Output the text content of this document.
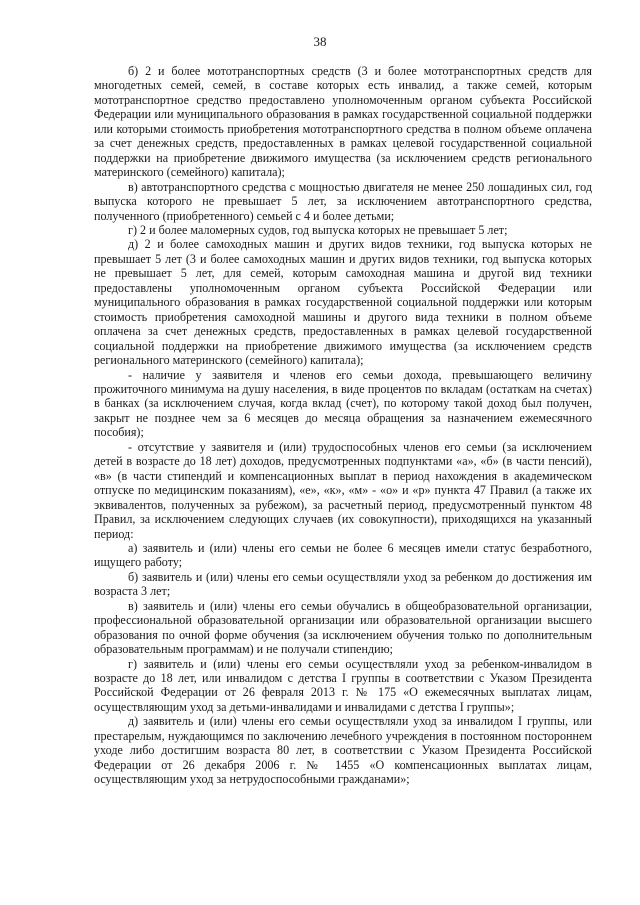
38

б) 2 и более мототранспортных средств (3 и более мототранспортных средств для многодетных семей, семей, в составе которых есть инвалид, а также семей, которым мототранспортное средство предоставлено уполномоченным органом субъекта Российской Федерации или муниципального образования в рамках государственной социальной поддержки или которыми стоимость приобретения мототранспортного средства в полном объеме оплачена за счет денежных средств, предоставленных в рамках целевой государственной социальной поддержки на приобретение движимого имущества (за исключением средств регионального материнского (семейного) капитала);

в) автотранспортного средства с мощностью двигателя не менее 250 лошадиных сил, год выпуска которого не превышает 5 лет, за исключением автотранспортного средства, полученного (приобретенного) семьей с 4 и более детьми;

г) 2 и более маломерных судов, год выпуска которых не превышает 5 лет;

д) 2 и более самоходных машин и других видов техники, год выпуска которых не превышает 5 лет (3 и более самоходных машин и других видов техники, год выпуска которых не превышает 5 лет, для семей, которым самоходная машина и другой вид техники предоставлены уполномоченным органом субъекта Российской Федерации или муниципального образования в рамках государственной социальной поддержки или которым стоимость приобретения самоходной машины и другого вида техники в полном объеме оплачена за счет денежных средств, предоставленных в рамках целевой государственной социальной поддержки на приобретение движимого имущества (за исключением средств регионального материнского (семейного) капитала);

- наличие у заявителя и членов его семьи дохода, превышающего величину прожиточного минимума на душу населения, в виде процентов по вкладам (остаткам на счетах) в банках (за исключением случая, когда вклад (счет), по которому такой доход был получен, закрыт не позднее чем за 6 месяцев до месяца обращения за назначением ежемесячного пособия);

- отсутствие у заявителя и (или) трудоспособных членов его семьи (за исключением детей в возрасте до 18 лет) доходов, предусмотренных подпунктами «а», «б» (в части пенсий), «в» (в части стипендий и компенсационных выплат в период нахождения в академическом отпуске по медицинским показаниям), «е», «к», «м» - «о» и «р» пункта 47 Правил (а также их эквивалентов, полученных за рубежом), за расчетный период, предусмотренный пунктом 48 Правил, за исключением следующих случаев (их совокупности), приходящихся на указанный период:

а) заявитель и (или) члены его семьи не более 6 месяцев имели статус безработного, ищущего работу;

б) заявитель и (или) члены его семьи осуществляли уход за ребенком до достижения им возраста 3 лет;

в) заявитель и (или) члены его семьи обучались в общеобразовательной организации, профессиональной образовательной организации или образовательной организации высшего образования по очной форме обучения (за исключением обучения только по дополнительным образовательным программам) и не получали стипендию;

г) заявитель и (или) члены его семьи осуществляли уход за ребенком-инвалидом в возрасте до 18 лет, или инвалидом с детства I группы в соответствии с Указом Президента Российской Федерации от 26 февраля 2013 г. № 175 «О ежемесячных выплатах лицам, осуществляющим уход за детьми-инвалидами и инвалидами с детства I группы»;

д) заявитель и (или) члены его семьи осуществляли уход за инвалидом I группы, или престарелым, нуждающимся по заключению лечебного учреждения в постоянном постороннем уходе либо достигшим возраста 80 лет, в соответствии с Указом Президента Российской Федерации от 26 декабря 2006 г. № 1455 «О компенсационных выплатах лицам, осуществляющим уход за нетрудоспособными гражданами»;
